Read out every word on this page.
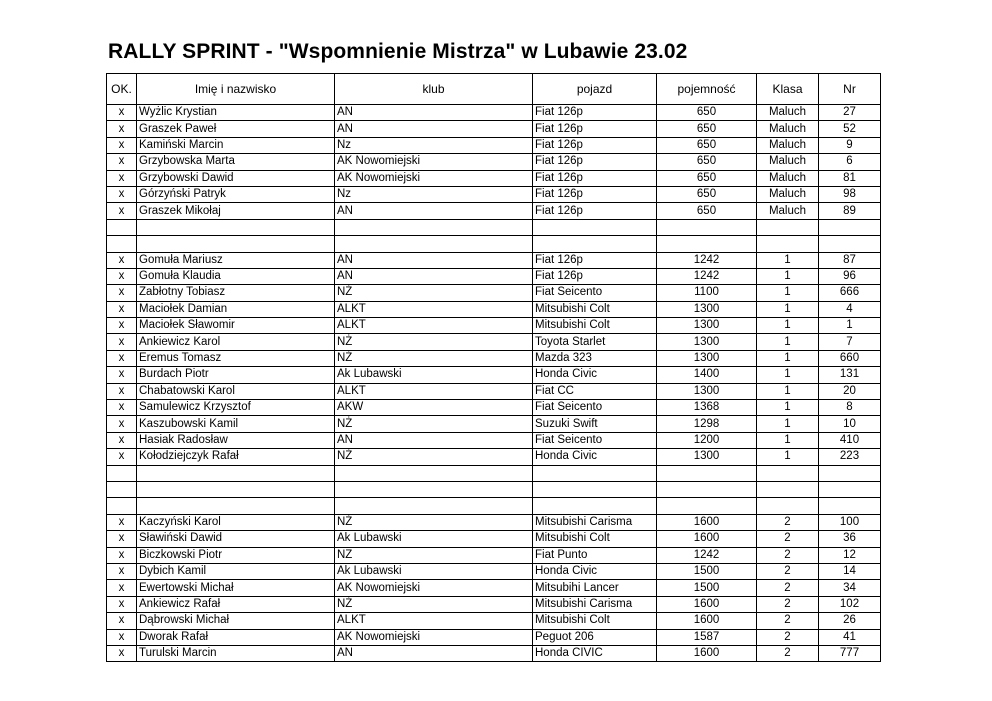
RALLY SPRINT - "Wspomnienie Mistrza" w Lubawie 23.02
OK.	Imię i nazwisko	klub	pojazd	pojemność	Klasa	Nr
x	Wyżlic Krystian	AN	Fiat 126p	650	Maluch	27
x	Graszek Paweł	AN	Fiat 126p	650	Maluch	52
x	Kamiński Marcin	Nz	Fiat 126p	650	Maluch	9
x	Grzybowska Marta	AK Nowomiejski	Fiat 126p	650	Maluch	6
x	Grzybowski Dawid	AK Nowomiejski	Fiat 126p	650	Maluch	81
x	Górzyński Patryk	Nz	Fiat 126p	650	Maluch	98
x	Graszek Mikołaj	AN	Fiat 126p	650	Maluch	89

x	Gomuła Mariusz	AN	Fiat 126p	1242	1	87
x	Gomuła Klaudia	AN	Fiat 126p	1242	1	96
x	Zabłotny Tobiasz	NŻ	Fiat Seicento	1100	1	666
x	Maciołek Damian	ALKT	Mitsubishi Colt	1300	1	4
x	Maciołek Sławomir	ALKT	Mitsubishi Colt	1300	1	1
x	Ankiewicz Karol	NŻ	Toyota Starlet	1300	1	7
x	Eremus Tomasz	NŻ	Mazda 323	1300	1	660
x	Burdach Piotr	Ak Lubawski	Honda Civic	1400	1	131
x	Chabatowski Karol	ALKT	Fiat CC	1300	1	20
x	Samulewicz Krzysztof	AKW	Fiat Seicento	1368	1	8
x	Kaszubowski Kamil	NŻ	Suzuki Swift	1298	1	10
x	Hasiak Radosław	AN	Fiat Seicento	1200	1	410
x	Kołodziejczyk Rafał	NŻ	Honda Civic	1300	1	223

x	Kaczyński Karol	NŻ	Mitsubishi Carisma	1600	2	100
x	Sławiński Dawid	Ak Lubawski	Mitsubishi Colt	1600	2	36
x	Biczkowski Piotr	NZ	Fiat Punto	1242	2	12
x	Dybich Kamil	Ak Lubawski	Honda Civic	1500	2	14
x	Ewertowski Michał	AK Nowomiejski	Mitsubihi Lancer	1500	2	34
x	Ankiewicz Rafał	NŻ	Mitsubishi Carisma	1600	2	102
x	Dąbrowski Michał	ALKT	Mitsubishi Colt	1600	2	26
x	Dworak Rafał	AK Nowomiejski	Peguot 206	1587	2	41
x	Turulski Marcin	AN	Honda CIVIC	1600	2	777
